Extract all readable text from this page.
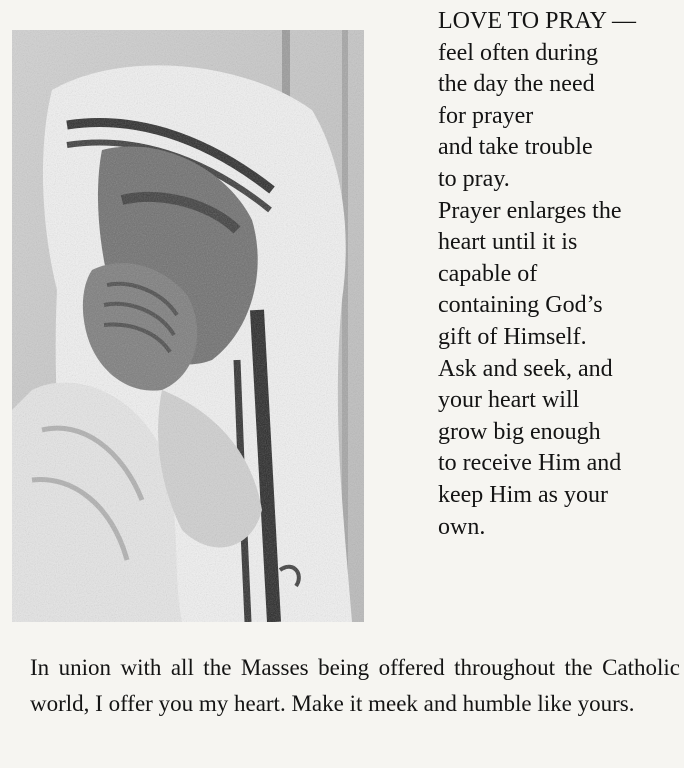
LOVE TO PRAY —
feel often during
the day the need
for prayer
and take trouble
to pray.
Prayer enlarges the
heart until it is
capable of
containing God’s
gift of Himself.
Ask and seek, and
your heart will
grow big enough
to receive Him and
keep Him as your
own.
In union with all the Masses being offered throughout the Catholic world, I offer you my heart. Make it meek and humble like yours.
